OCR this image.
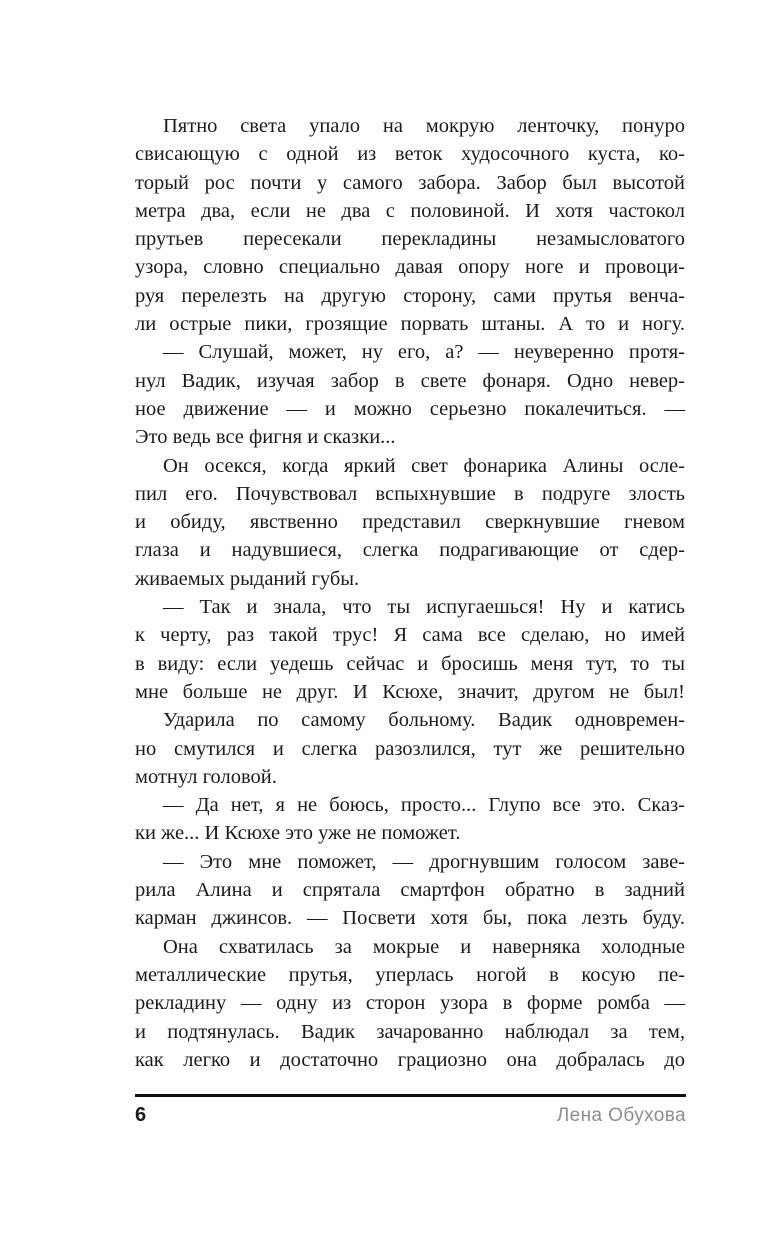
Пятно света упало на мокрую ленточку, понуро
свисающую с одной из веток худосочного куста, ко-
торый рос почти у самого забора. Забор был высотой
метра два, если не два с половиной. И хотя частокол
прутьев пересекали перекладины незамысловатого
узора, словно специально давая опору ноге и провоци-
руя перелезть на другую сторону, сами прутья венча-
ли острые пики, грозящие порвать штаны. А то и ногу.

— Слушай, может, ну его, а? — неуверенно протя-
нул Вадик, изучая забор в свете фонаря. Одно невер-
ное движение — и можно серьезно покалечиться. —
Это ведь все фигня и сказки...

Он осекся, когда яркий свет фонарика Алины осле-
пил его. Почувствовал вспыхнувшие в подруге злость
и обиду, явственно представил сверкнувшие гневом
глаза и надувшиеся, слегка подрагивающие от сдер-
живаемых рыданий губы.

— Так и знала, что ты испугаешься! Ну и катись
к черту, раз такой трус! Я сама все сделаю, но имей
в виду: если уедешь сейчас и бросишь меня тут, то ты
мне больше не друг. И Ксюхе, значит, другом не был!

Ударила по самому больному. Вадик одновремен-
но смутился и слегка разозлился, тут же решительно
мотнул головой.

— Да нет, я не боюсь, просто... Глупо все это. Сказ-
ки же... И Ксюхе это уже не поможет.

— Это мне поможет, — дрогнувшим голосом заве-
рила Алина и спрятала смартфон обратно в задний
карман джинсов. — Посвети хотя бы, пока лезть буду.

Она схватилась за мокрые и наверняка холодные
металлические прутья, уперлась ногой в косую пе-
рекладину — одну из сторон узора в форме ромба —
и подтянулась. Вадик зачарованно наблюдал за тем,
как легко и достаточно грациозно она добралась до

6	Лена Обухова
